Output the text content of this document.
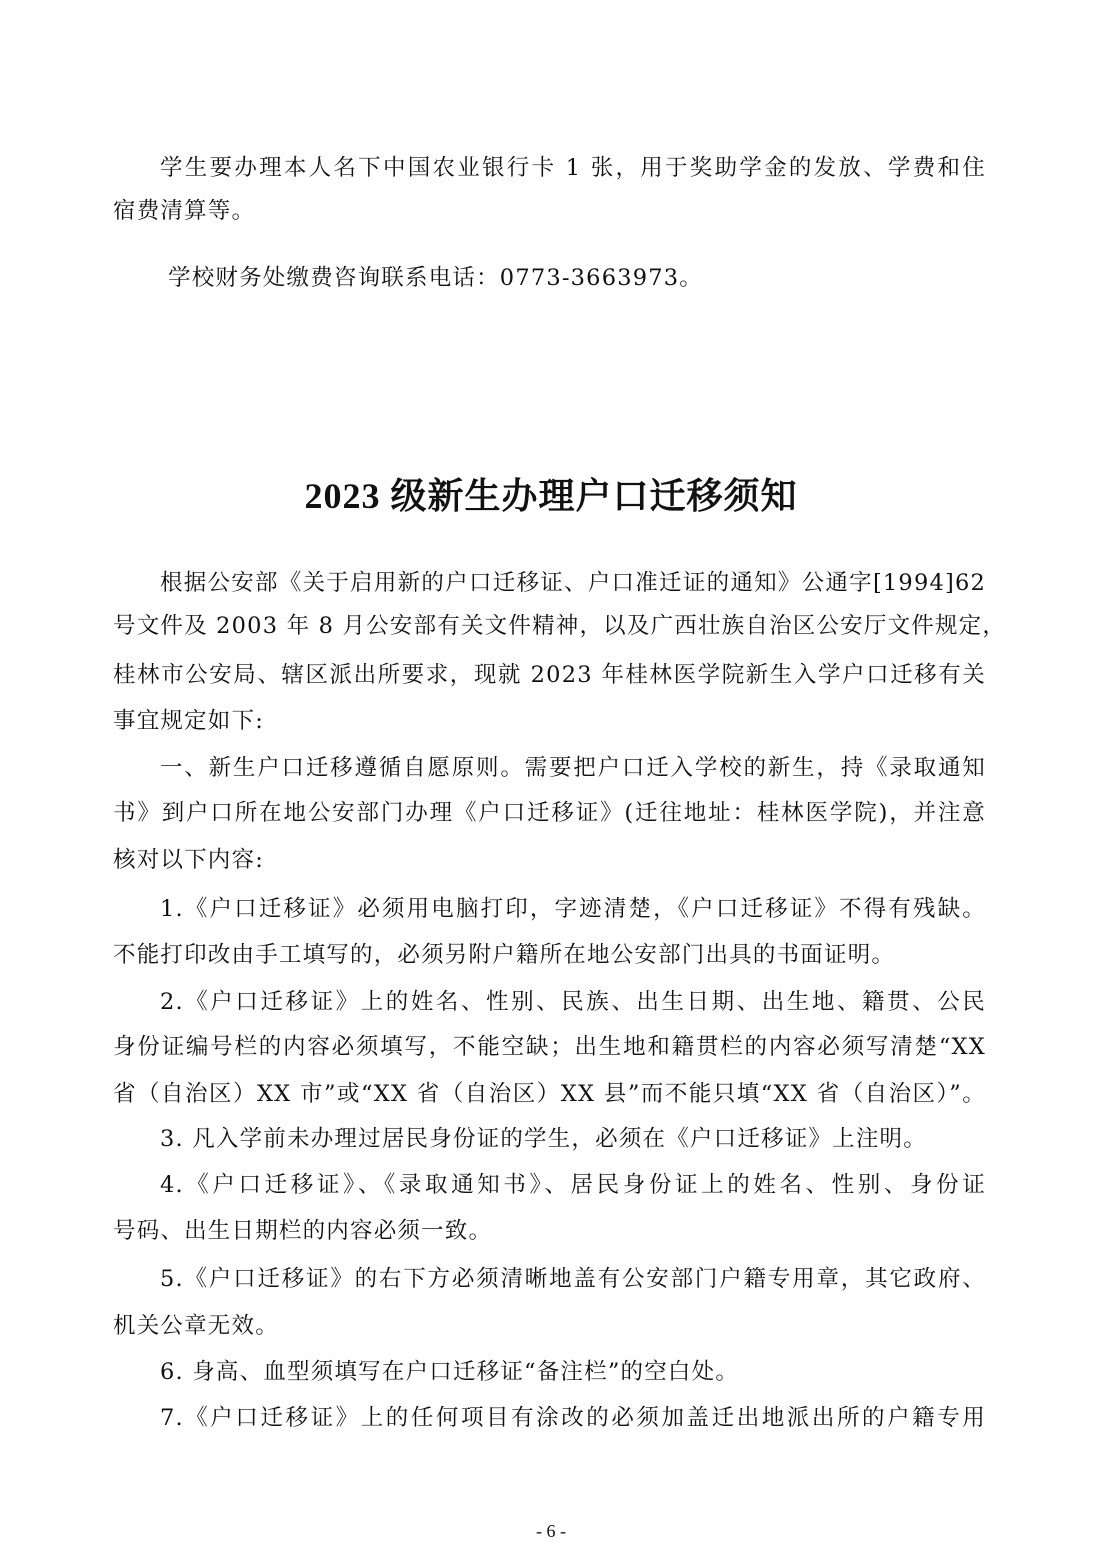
学生要办理本人名下中国农业银行卡 1 张，用于奖助学金的发放、学费和住
宿费清算等。
学校财务处缴费咨询联系电话：0773-3663973。
2023 级新生办理户口迁移须知
根据公安部《关于启用新的户口迁移证、户口准迁证的通知》公通字[1994]62
号文件及 2003 年 8 月公安部有关文件精神，以及广西壮族自治区公安厅文件规定，
桂林市公安局、辖区派出所要求，现就 2023 年桂林医学院新生入学户口迁移有关
事宜规定如下:
一、新生户口迁移遵循自愿原则。需要把户口迁入学校的新生，持《录取通知
书》到户口所在地公安部门办理《户口迁移证》(迁往地址：桂林医学院)，并注意
核对以下内容:
1.《户口迁移证》必须用电脑打印，字迹清楚，《户口迁移证》不得有残缺。
不能打印改由手工填写的，必须另附户籍所在地公安部门出具的书面证明。
2.《户口迁移证》上的姓名、性别、民族、出生日期、出生地、籍贯、公民
身份证编号栏的内容必须填写，不能空缺；出生地和籍贯栏的内容必须写清楚“XX
省（自治区）XX 市”或“XX 省（自治区）XX 县”而不能只填“XX 省（自治区）”。
3. 凡入学前未办理过居民身份证的学生，必须在《户口迁移证》上注明。
4.《户口迁移证》、《录取通知书》、居民身份证上的姓名、性别、身份证
号码、出生日期栏的内容必须一致。
5.《户口迁移证》的右下方必须清晰地盖有公安部门户籍专用章，其它政府、
机关公章无效。
6. 身高、血型须填写在户口迁移证“备注栏”的空白处。
7.《户口迁移证》上的任何项目有涂改的必须加盖迁出地派出所的户籍专用
- 6 -
